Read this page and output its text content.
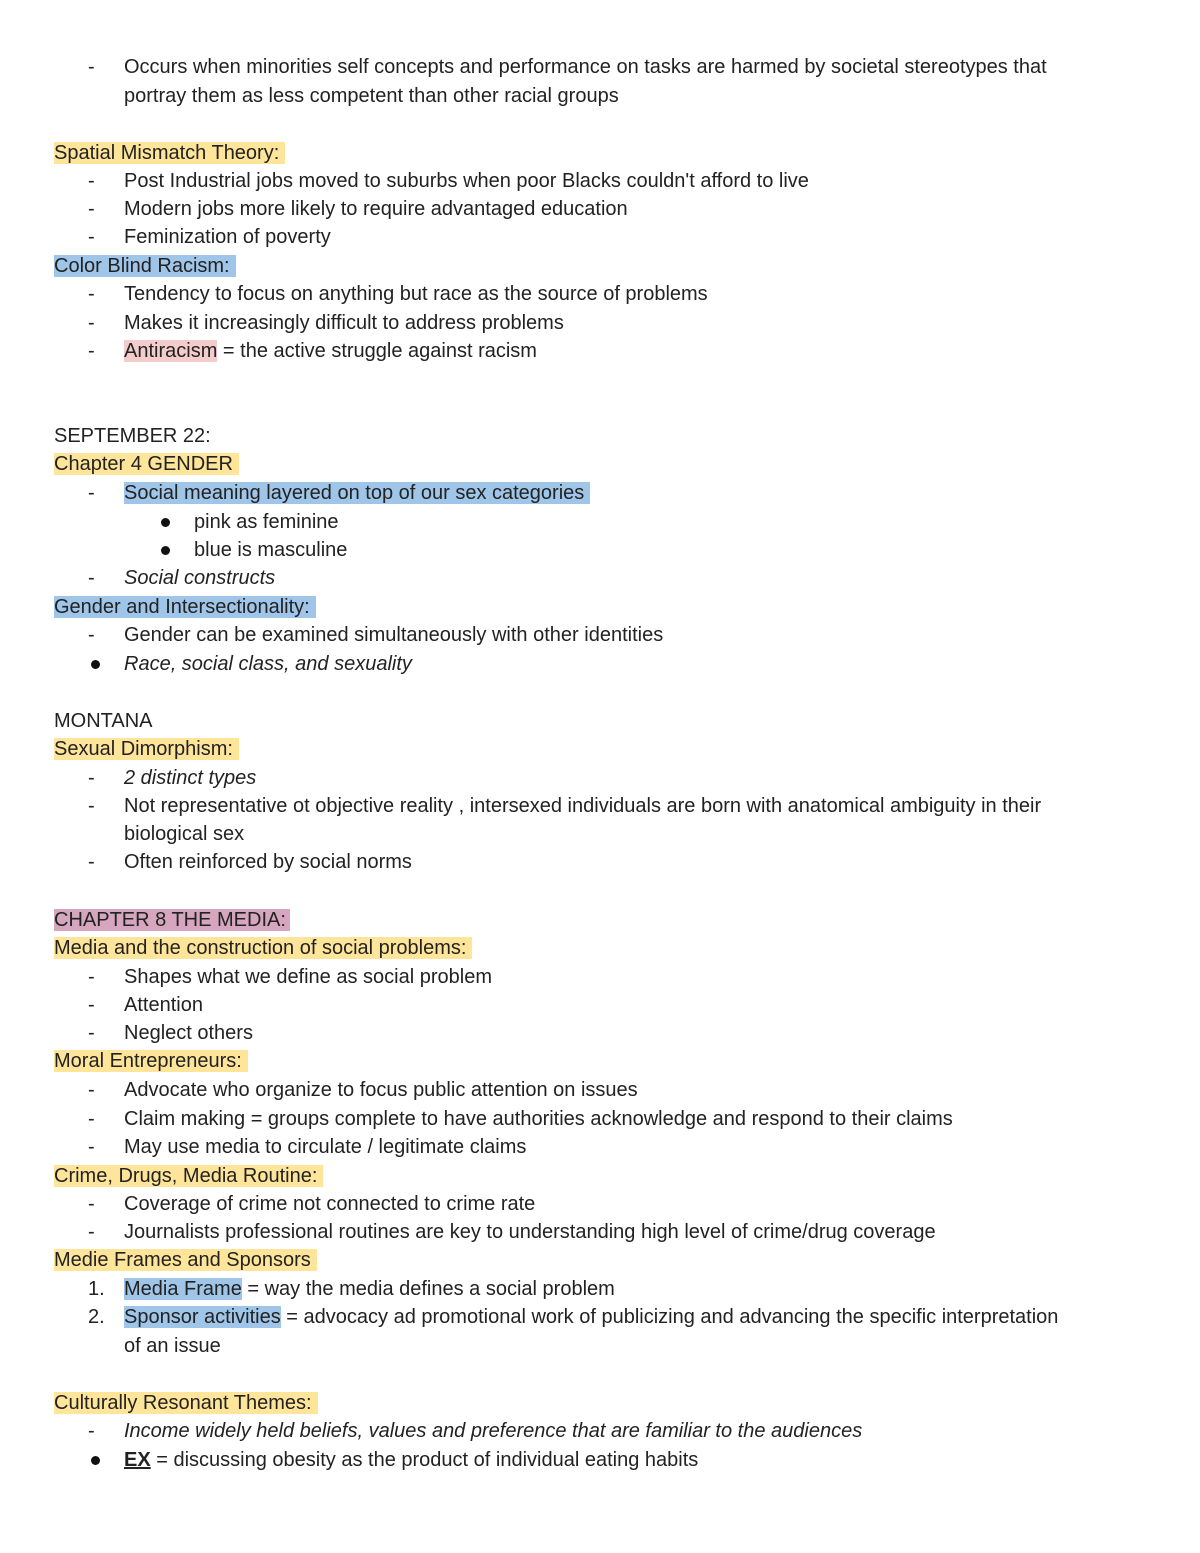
- Occurs when minorities self concepts and performance on tasks are harmed by societal stereotypes that
portray them as less competent than other racial groups
Spatial Mismatch Theory:
- Post Industrial jobs moved to suburbs when poor Blacks couldn't afford to live
- Modern jobs more likely to require advantaged education
- Feminization of poverty
Color Blind Racism:
- Tendency to focus on anything but race as the source of problems
- Makes it increasingly difficult to address problems
- Antiracism = the active struggle against racism
SEPTEMBER 22:
Chapter 4 GENDER
- Social meaning layered on top of our sex categories
pink as feminine
blue is masculine
- Social constructs
Gender and Intersectionality:
- Gender can be examined simultaneously with other identities
Race, social class, and sexuality
MONTANA
Sexual Dimorphism:
- 2 distinct types
- Not representative ot objective reality , intersexed individuals are born with anatomical ambiguity in their
biological sex
- Often reinforced by social norms
CHAPTER 8 THE MEDIA:
Media and the construction of social problems:
- Shapes what we define as social problem
- Attention
- Neglect others
Moral Entrepreneurs:
- Advocate who organize to focus public attention on issues
- Claim making = groups complete to have authorities acknowledge and respond to their claims
- May use media to circulate / legitimate claims
Crime, Drugs, Media Routine:
- Coverage of crime not connected to crime rate
- Journalists professional routines are key to understanding high level of crime/drug coverage
Medie Frames and Sponsors
1. Media Frame = way the media defines a social problem
2. Sponsor activities = advocacy ad promotional work of publicizing and advancing the specific interpretation
of an issue
Culturally Resonant Themes:
- Income widely held beliefs, values and preference that are familiar to the audiences
EX = discussing obesity as the product of individual eating habits
